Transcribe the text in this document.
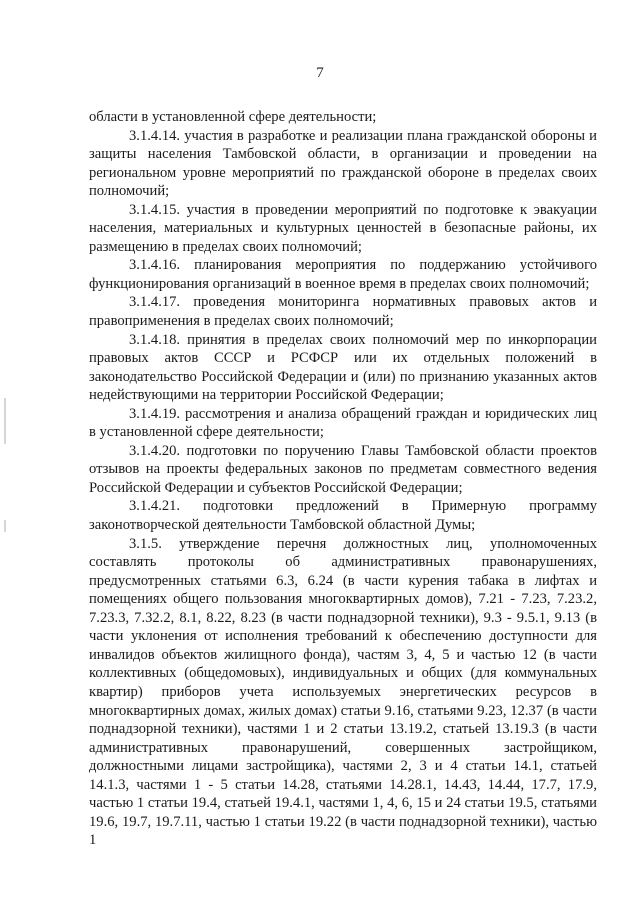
7

области в установленной сфере деятельности;

3.1.4.14. участия в разработке и реализации плана гражданской обороны и защиты населения Тамбовской области, в организации и проведении на региональном уровне мероприятий по гражданской обороне в пределах своих полномочий;

3.1.4.15. участия в проведении мероприятий по подготовке к эвакуации населения, материальных и культурных ценностей в безопасные районы, их размещению в пределах своих полномочий;

3.1.4.16. планирования мероприятия по поддержанию устойчивого функционирования организаций в военное время в пределах своих полномочий;

3.1.4.17. проведения мониторинга нормативных правовых актов и правоприменения в пределах своих полномочий;

3.1.4.18. принятия в пределах своих полномочий мер по инкорпорации правовых актов СССР и РСФСР или их отдельных положений в законодательство Российской Федерации и (или) по признанию указанных актов недействующими на территории Российской Федерации;

3.1.4.19. рассмотрения и анализа обращений граждан и юридических лиц в установленной сфере деятельности;

3.1.4.20. подготовки по поручению Главы Тамбовской области проектов отзывов на проекты федеральных законов по предметам совместного ведения Российской Федерации и субъектов Российской Федерации;

3.1.4.21. подготовки предложений в Примерную программу законотворческой деятельности Тамбовской областной Думы;

3.1.5. утверждение перечня должностных лиц, уполномоченных составлять протоколы об административных правонарушениях, предусмотренных статьями 6.3, 6.24 (в части курения табака в лифтах и помещениях общего пользования многоквартирных домов), 7.21 - 7.23, 7.23.2, 7.23.3, 7.32.2, 8.1, 8.22, 8.23 (в части поднадзорной техники), 9.3 - 9.5.1, 9.13 (в части уклонения от исполнения требований к обеспечению доступности для инвалидов объектов жилищного фонда), частям 3, 4, 5 и частью 12 (в части коллективных (общедомовых), индивидуальных и общих (для коммунальных квартир) приборов учета используемых энергетических ресурсов в многоквартирных домах, жилых домах) статьи 9.16, статьями 9.23, 12.37 (в части поднадзорной техники), частями 1 и 2 статьи 13.19.2, статьей 13.19.3 (в части административных правонарушений, совершенных застройщиком, должностными лицами застройщика), частями 2, 3 и 4 статьи 14.1, статьей 14.1.3, частями 1 - 5 статьи 14.28, статьями 14.28.1, 14.43, 14.44, 17.7, 17.9, частью 1 статьи 19.4, статьей 19.4.1, частями 1, 4, 6, 15 и 24 статьи 19.5, статьями 19.6, 19.7, 19.7.11, частью 1 статьи 19.22 (в части поднадзорной техники), частью 1
